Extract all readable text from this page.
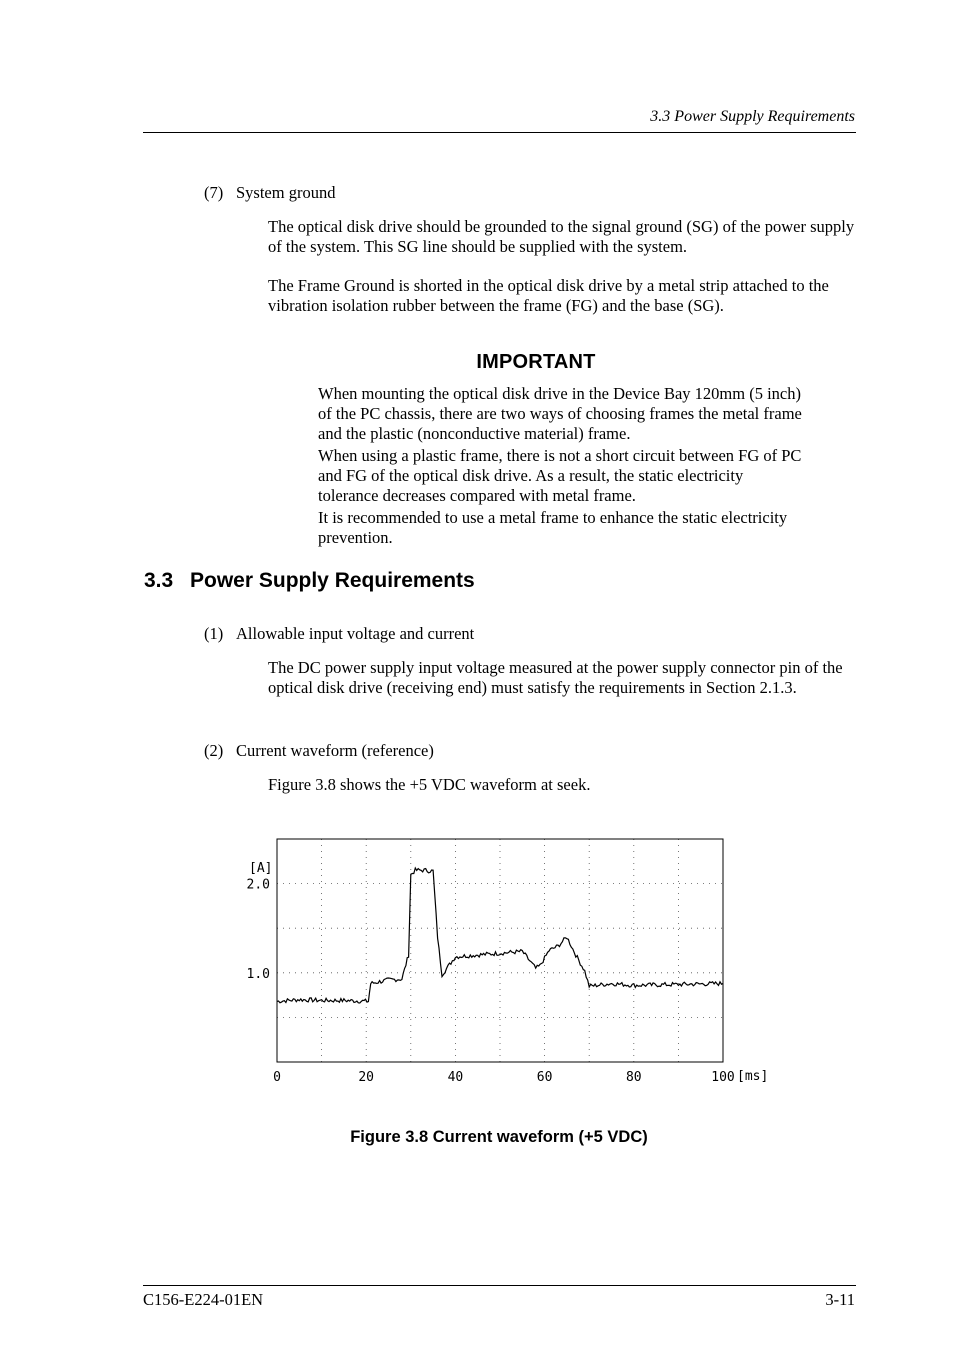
3.3 Power Supply Requirements
(7) System ground
The optical disk drive should be grounded to the signal ground (SG) of the power supply of the system. This SG line should be supplied with the system.
The Frame Ground is shorted in the optical disk drive by a metal strip attached to the vibration isolation rubber between the frame (FG) and the base (SG).
IMPORTANT
When mounting the optical disk drive in the Device Bay 120mm (5 inch) of the PC chassis, there are two ways of choosing frames the metal frame and the plastic (nonconductive material) frame.
When using a plastic frame, there is not a short circuit between FG of PC and FG of the optical disk drive. As a result, the static electricity tolerance decreases compared with metal frame.
It is recommended to use a metal frame to enhance the static electricity prevention.
3.3 Power Supply Requirements
(1) Allowable input voltage and current
The DC power supply input voltage measured at the power supply connector pin of the optical disk drive (receiving end) must satisfy the requirements in Section 2.1.3.
(2) Current waveform (reference)
Figure 3.8 shows the +5 VDC waveform at seek.
0	20	40	60	80	100
1.0
2.0
[ms]
[A]
Figure 3.8 Current waveform (+5 VDC)
C156-E224-01EN	3-11
